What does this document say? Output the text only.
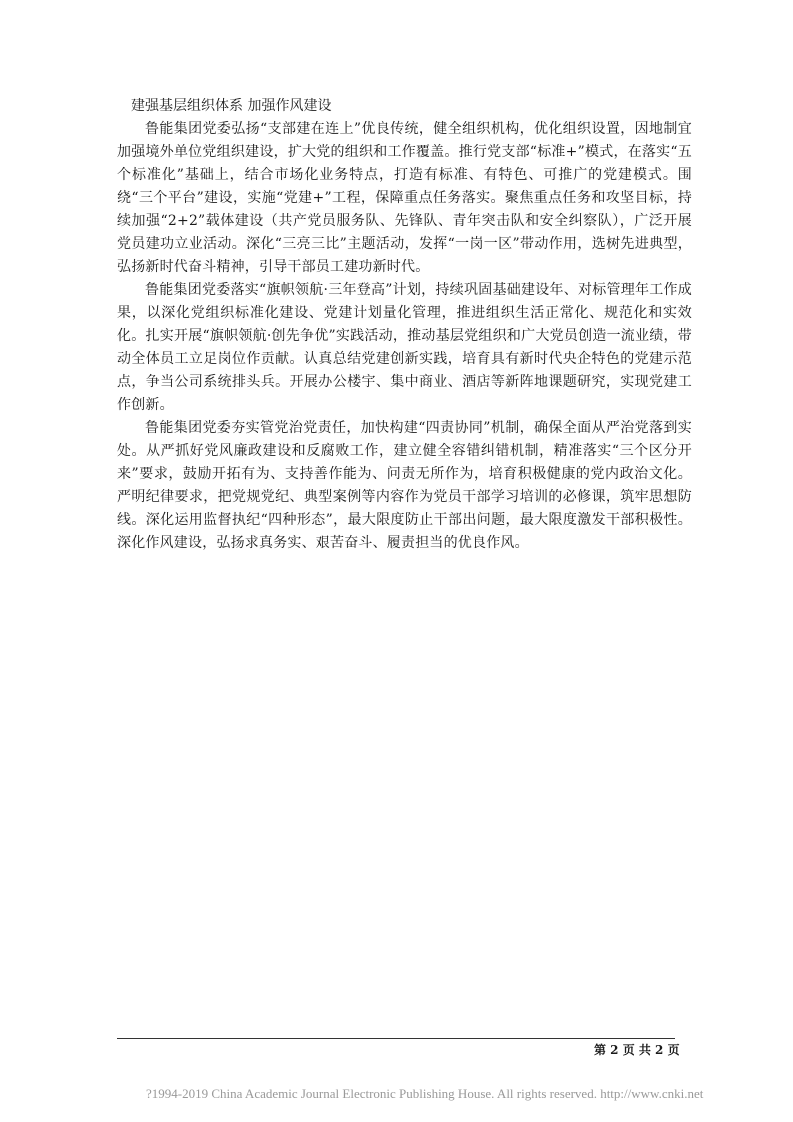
建强基层组织体系 加强作风建设

鲁能集团党委弘扬“支部建在连上”优良传统，健全组织机构，优化组织设置，因地制宜加强境外单位党组织建设，扩大党的组织和工作覆盖。推行党支部“标准+”模式，在落实“五个标准化”基础上，结合市场化业务特点，打造有标准、有特色、可推广的党建模式。围绕“三个平台”建设，实施“党建+”工程，保障重点任务落实。聚焦重点任务和攻坚目标，持续加强“2+2”载体建设（共产党员服务队、先锋队、青年突击队和安全纠察队），广泛开展党员建功立业活动。深化“三亮三比”主题活动，发挥“一岗一区”带动作用，选树先进典型，弘扬新时代奋斗精神，引导干部员工建功新时代。

鲁能集团党委落实“旗帜领航·三年登高”计划，持续巩固基础建设年、对标管理年工作成果，以深化党组织标准化建设、党建计划量化管理，推进组织生活正常化、规范化和实效化。扎实开展“旗帜领航·创先争优”实践活动，推动基层党组织和广大党员创造一流业绩，带动全体员工立足岗位作贡献。认真总结党建创新实践，培育具有新时代央企特色的党建示范点，争当公司系统排头兵。开展办公楼宇、集中商业、酒店等新阵地课题研究，实现党建工作创新。

鲁能集团党委夯实管党治党责任，加快构建“四责协同”机制，确保全面从严治党落到实处。从严抓好党风廉政建设和反腐败工作，建立健全容错纠错机制，精准落实“三个区分开来”要求，鼓励开拓有为、支持善作能为、问责无所作为，培育积极健康的党内政治文化。严明纪律要求，把党规党纪、典型案例等内容作为党员干部学习培训的必修课，筑牢思想防线。深化运用监督执纪“四种形态”，最大限度防止干部出问题，最大限度激发干部积极性。深化作风建设，弘扬求真务实、艰苦奋斗、履责担当的优良作风。

第 2 页 共 2 页
?1994-2019 China Academic Journal Electronic Publishing House. All rights reserved. http://www.cnki.net
